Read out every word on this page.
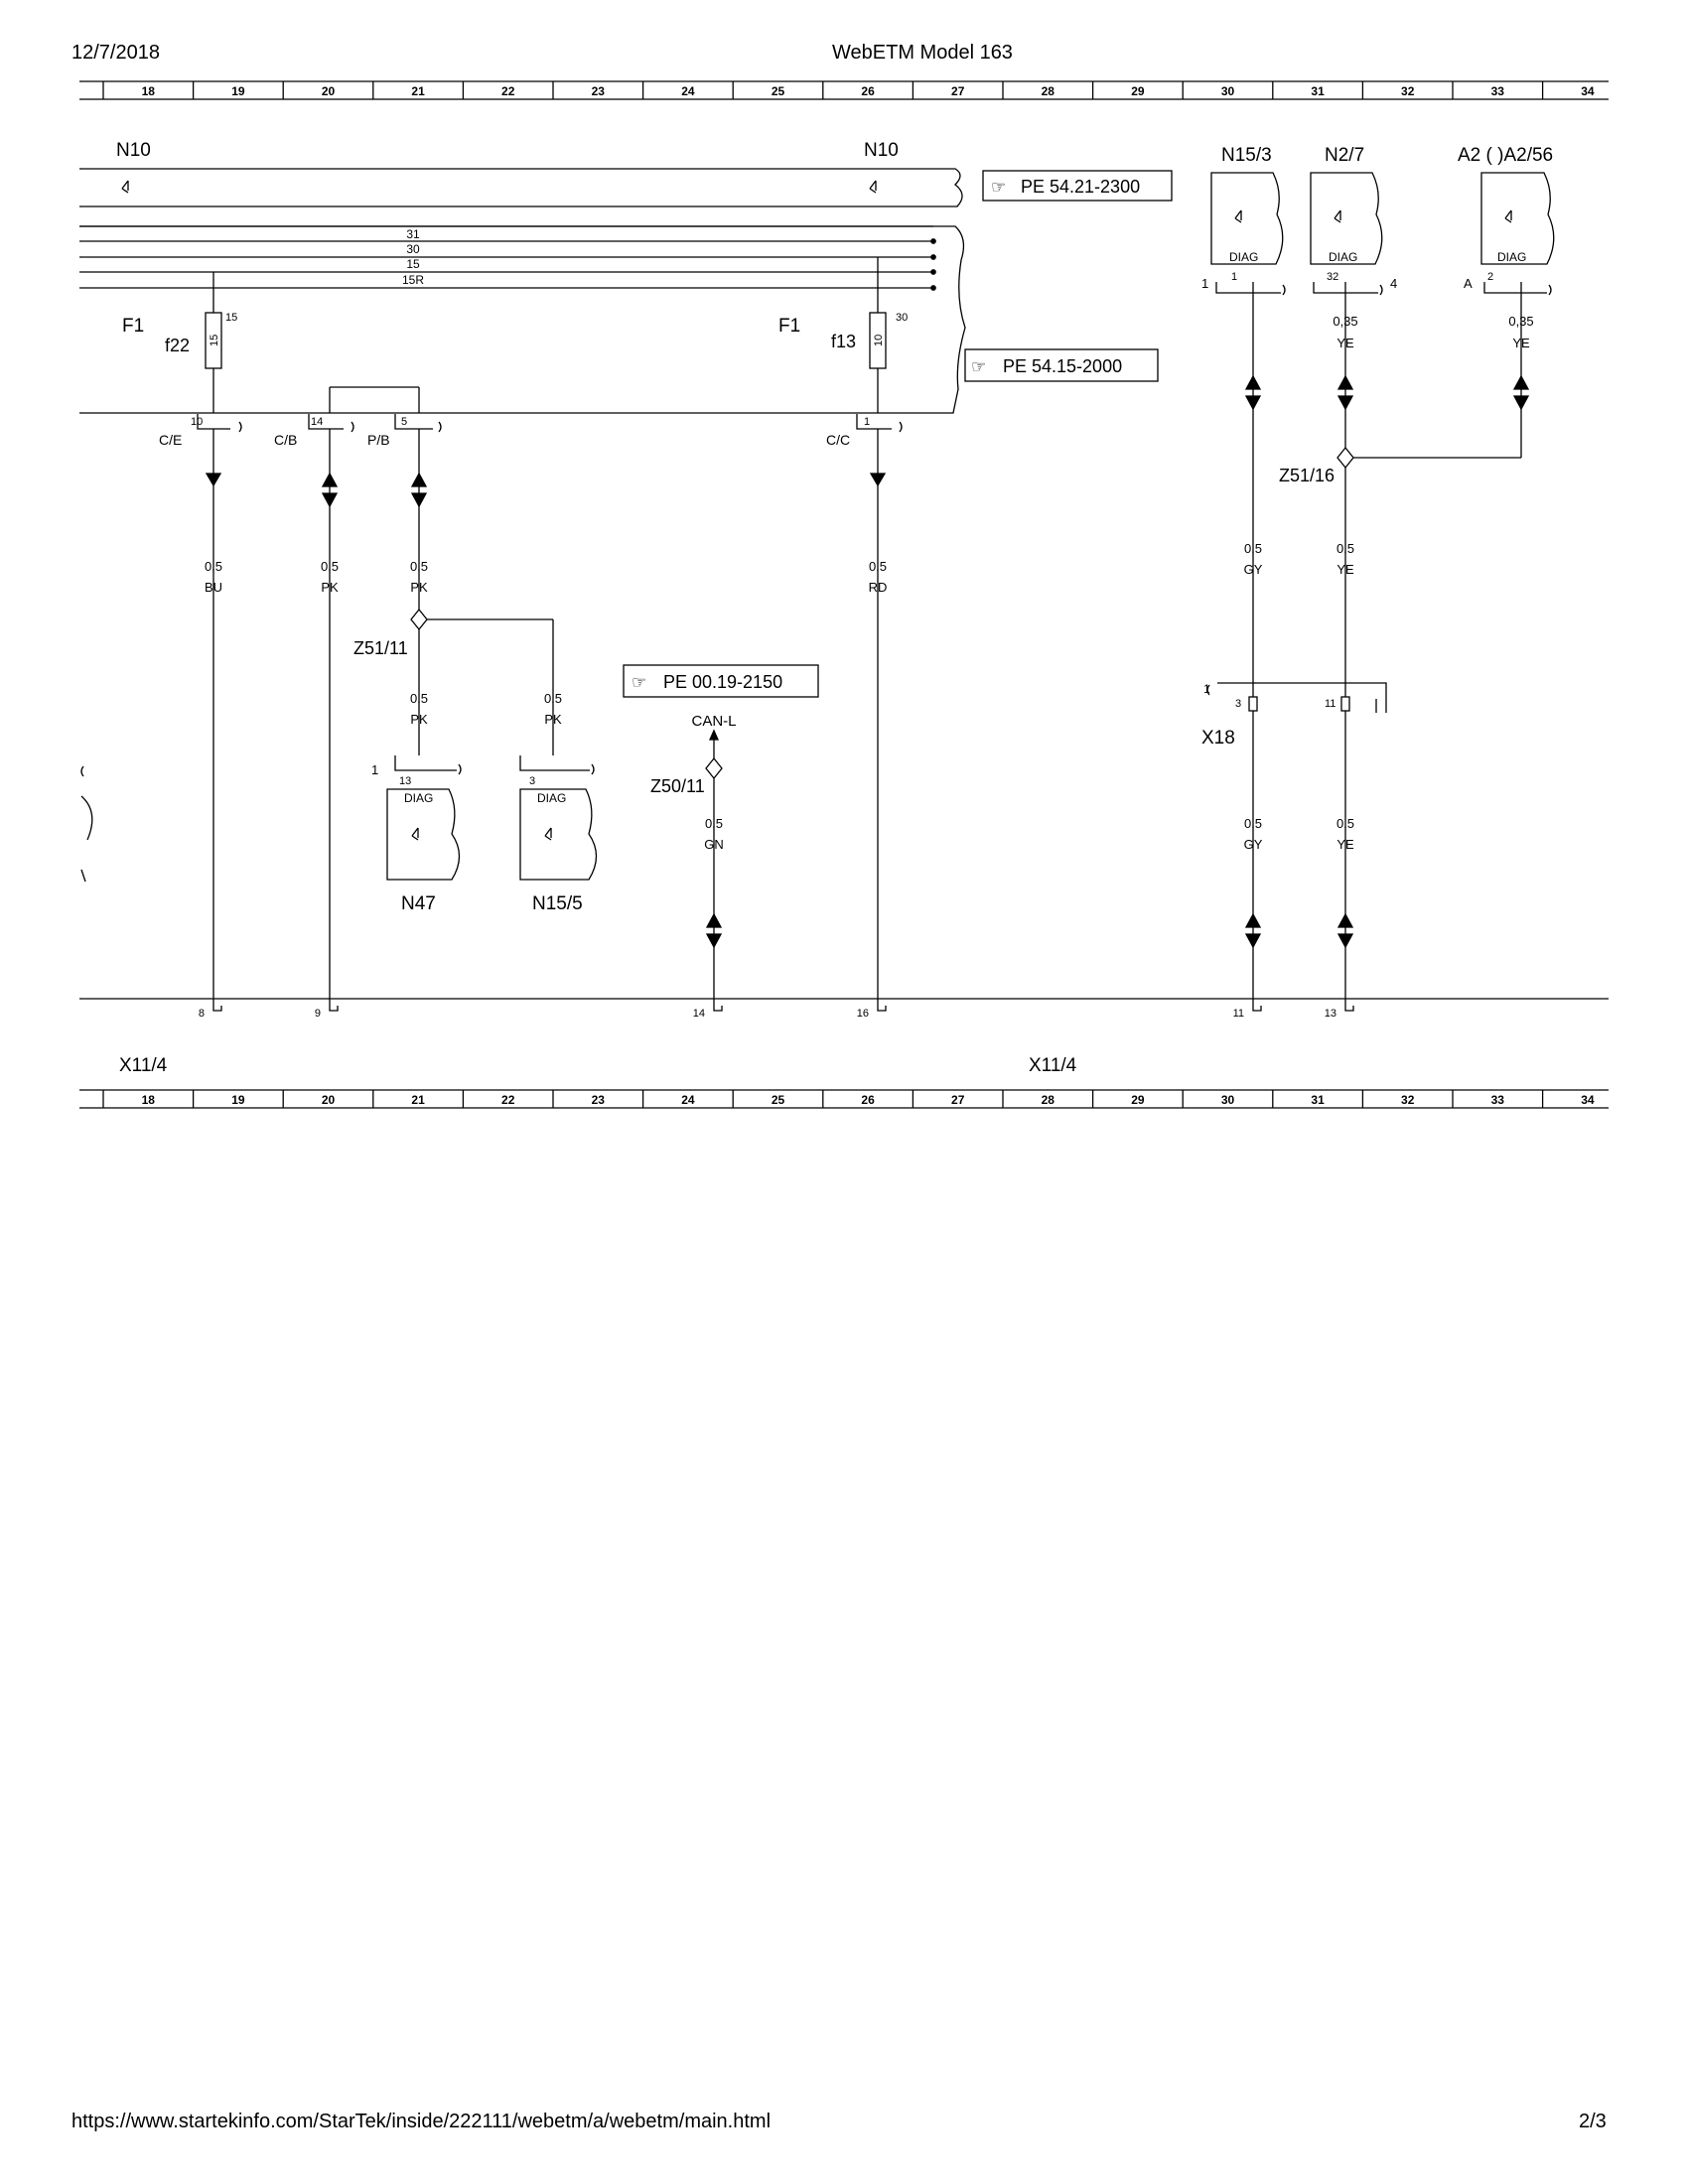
12/7/2018	WebETM Model 163
https://www.startekinfo.com/StarTek/inside/222111/webetm/a/webetm/main.html	2/3
18	19	20	21	22	23	24	25	26	27	28	29	30	31	32	33	34
18	19	20	21	22	23	24	25	26	27	28	29	30	31	32	33	34
N10	N10
☞ PE 54.21-2300
31
30
15
15R
☞ PE 54.15-2000
F1
f22 15
15	F1
f13 10
30
10	14	5	1
C/E	C/B	P/B	C/C
0,5
BU
0,5
PK
0,5
PK
0,5
RD
Z51/11
0,5
PK
0,5
PK
1
13
DIAG
N47
3
DIAG
N15/5
☞ PE 00.19-2150
CAN-L
Z50/11
0,5
GN
N15/3	N2/7	A2 ( )A2/56
DIAG
1 1
DIAG
32	4
DIAG
A 2
0,35
YE
0,35
YE
Z51/16
0,5
GY
0,5
YE
1
3	11
X18
0,5
GY
0,5
YE
8	9	14	16	11	13
X11/4	X11/4
